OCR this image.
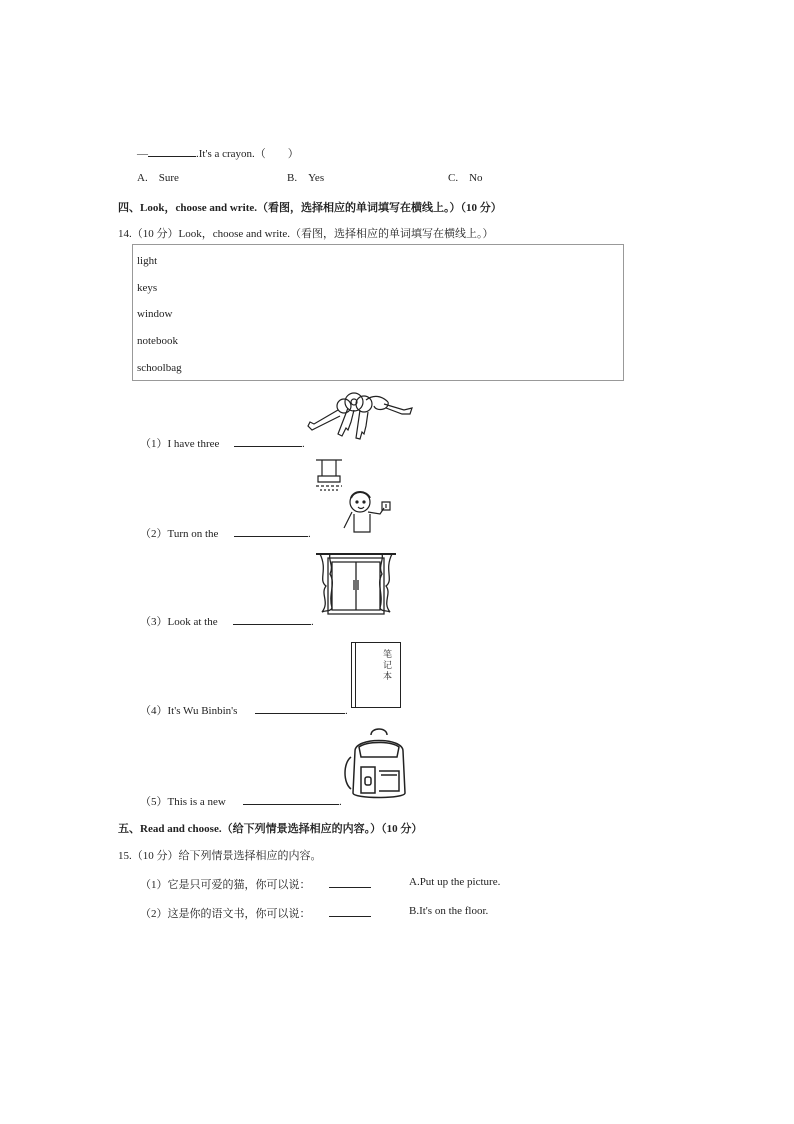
—	.It's a crayon.（　　）
A. Sure	B. Yes	C. No
四、Look，choose and write.（看图，选择相应的单词填写在横线上。）（10 分）
14.（10 分）Look，choose and write.（看图，选择相应的单词填写在横线上。）
light
keys
window
notebook
schoolbag
（1）I have three	.
（2）Turn on the	.
（3）Look at the	.
笔记本
（4）It's Wu Binbin's	.
（5）This is a new	.
五、Read and choose.（给下列情景选择相应的内容。）（10 分）
15.（10 分）给下列情景选择相应的内容。
（1）它是只可爱的猫，你可以说：	A.Put up the picture.
（2）这是你的语文书，你可以说：	B.It's on the floor.
